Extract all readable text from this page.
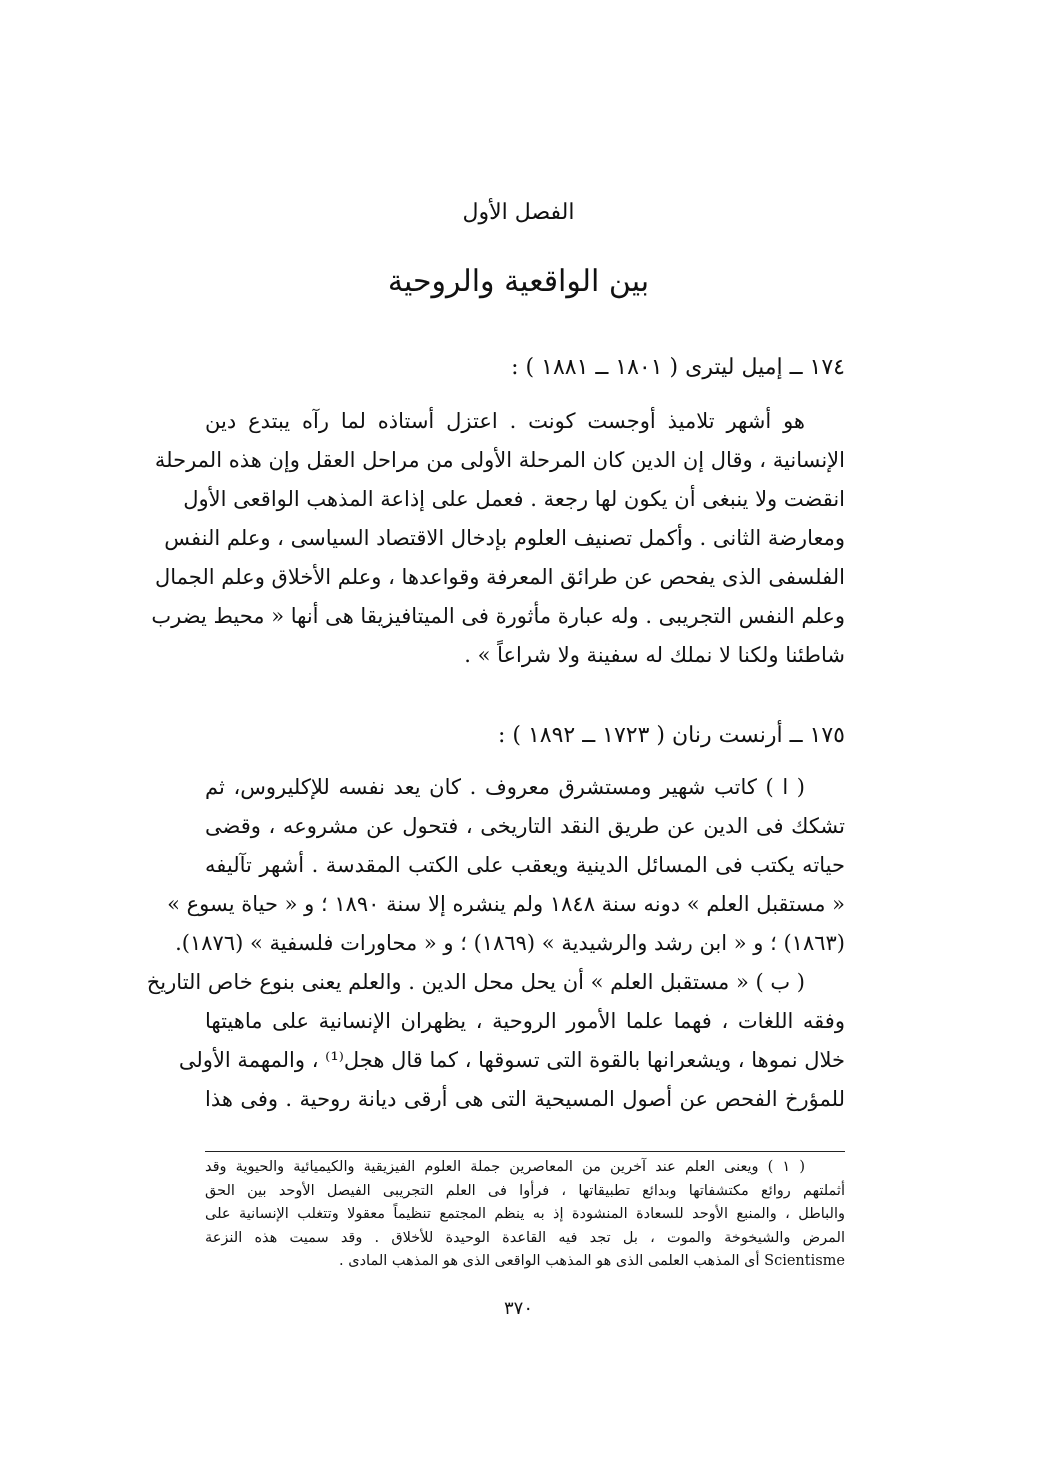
الفصل الأول
بين الواقعية والروحية
١٧٤ ــ إميل ليترى ( ١٨٠١ ــ ١٨٨١ ) :
هو أشهر تلاميذ أوجست كونت . اعتزل أستاذه لما رآه يبتدع دين
الإنسانية ، وقال إن الدين كان المرحلة الأولى من مراحل العقل وإن هذه المرحلة
انقضت ولا ينبغى أن يكون لها رجعة . فعمل على إذاعة المذهب الواقعى الأول
ومعارضة الثانى . وأكمل تصنيف العلوم بإدخال الاقتصاد السياسى ، وعلم النفس
الفلسفى الذى يفحص عن طرائق المعرفة وقواعدها ، وعلم الأخلاق وعلم الجمال
وعلم النفس التجريبى . وله عبارة مأثورة فى الميتافيزيقا هى أنها « محيط يضرب
شاطئنا ولكنا لا نملك له سفينة ولا شراعاً » .
١٧٥ ــ أرنست رنان ( ١٧٢٣ ــ ١٨٩٢ ) :
( ا ) كاتب شهير ومستشرق معروف . كان يعد نفسه للإكليروس، ثم
تشكك فى الدين عن طريق النقد التاريخى ، فتحول عن مشروعه ، وقضى
حياته يكتب فى المسائل الدينية ويعقب على الكتب المقدسة . أشهر تآليفه
« مستقبل العلم » دونه سنة ١٨٤٨ ولم ينشره إلا سنة ١٨٩٠ ؛ و « حياة يسوع »
(١٨٦٣) ؛ و « ابن رشد والرشيدية » (١٨٦٩) ؛ و « محاورات فلسفية » (١٨٧٦).
( ب ) « مستقبل العلم » أن يحل محل الدين . والعلم يعنى بنوع خاص التاريخ
وفقه اللغات ، فهما علما الأمور الروحية ، يظهران الإنسانية على ماهيتها
خلال نموها ، ويشعرانها بالقوة التى تسوقها ، كما قال هجل⁽¹⁾ ، والمهمة الأولى
للمؤرخ الفحص عن أصول المسيحية التى هى أرقى ديانة روحية . وفى هذا
( ١ ) ويعنى العلم عند آخرين من المعاصرين جملة العلوم الفيزيقية والكيميائية والحيوية وقد
أثملتهم روائع مكتشفاتها وبدائع تطبيقاتها ، فرأوا فى العلم التجريبى الفيصل الأوحد بين الحق
والباطل ، والمنبع الأوحد للسعادة المنشودة إذ به ينظم المجتمع تنظيماً معقولا وتتغلب الإنسانية على
المرض والشيخوخة والموت ، بل تجد فيه القاعدة الوحيدة للأخلاق . وقد سميت هذه النزعة
Scientisme أى المذهب العلمى الذى هو المذهب الواقعى الذى هو المذهب المادى .
٣٧٠
